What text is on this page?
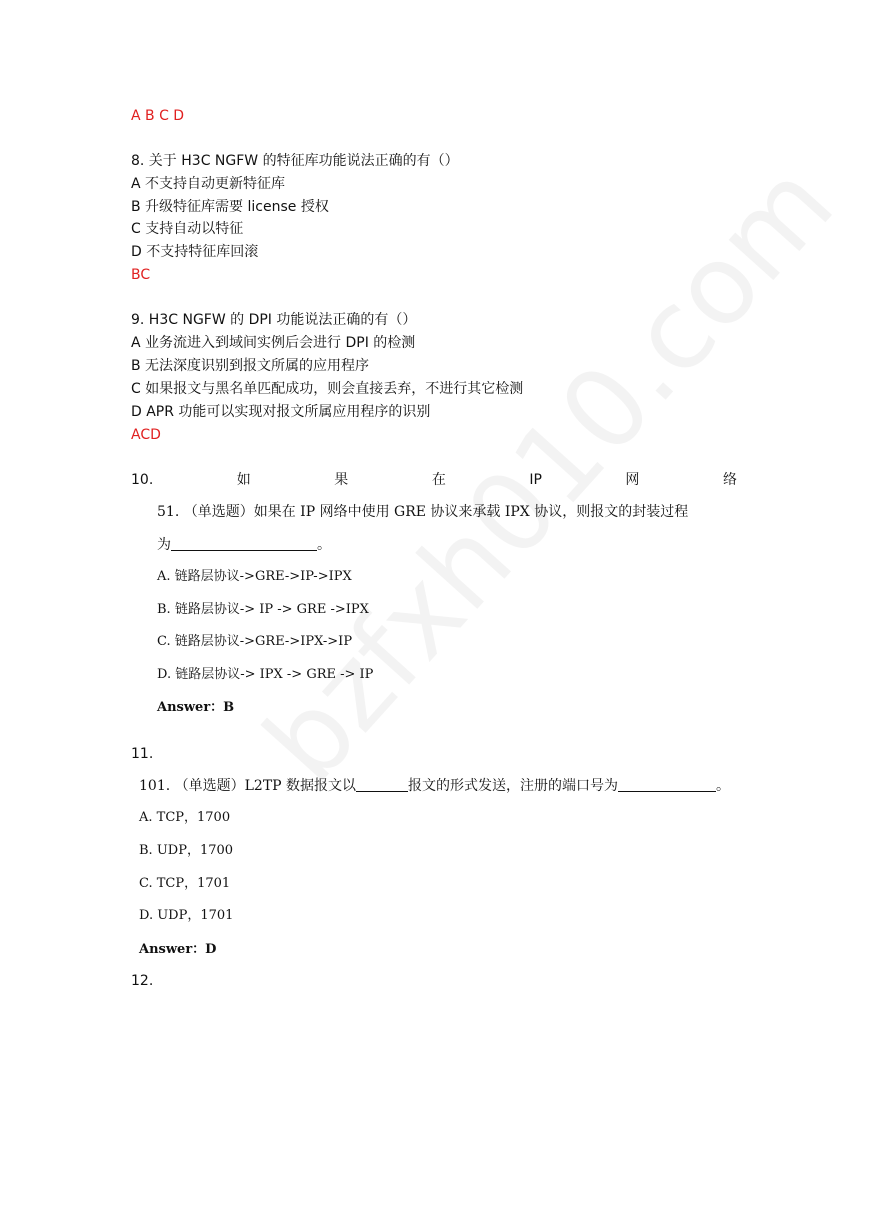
A B C D
8. 关于 H3C NGFW 的特征库功能说法正确的有（）
A 不支持自动更新特征库
B 升级特征库需要 license 授权
C 支持自动以特征
D 不支持特征库回滚
BC
9. H3C NGFW 的 DPI 功能说法正确的有（）
A 业务流进入到域间实例后会进行 DPI 的检测
B 无法深度识别到报文所属的应用程序
C 如果报文与黑名单匹配成功，则会直接丢弃，不进行其它检测
D APR 功能可以实现对报文所属应用程序的识别
ACD
10.	如	果	在	IP	网	络
51. （单选题）如果在 IP 网络中使用 GRE 协议来承载 IPX 协议，则报文的封装过程
为	。
A. 链路层协议->GRE->IP->IPX
B. 链路层协议-> IP -> GRE ->IPX
C. 链路层协议->GRE->IPX->IP
D. 链路层协议-> IPX -> GRE -> IP
Answer：B
11.
101. （单选题）L2TP 数据报文以	报文的形式发送，注册的端口号为	。
A. TCP，1700
B. UDP，1700
C. TCP，1701
D. UDP，1701
Answer：D
12.
